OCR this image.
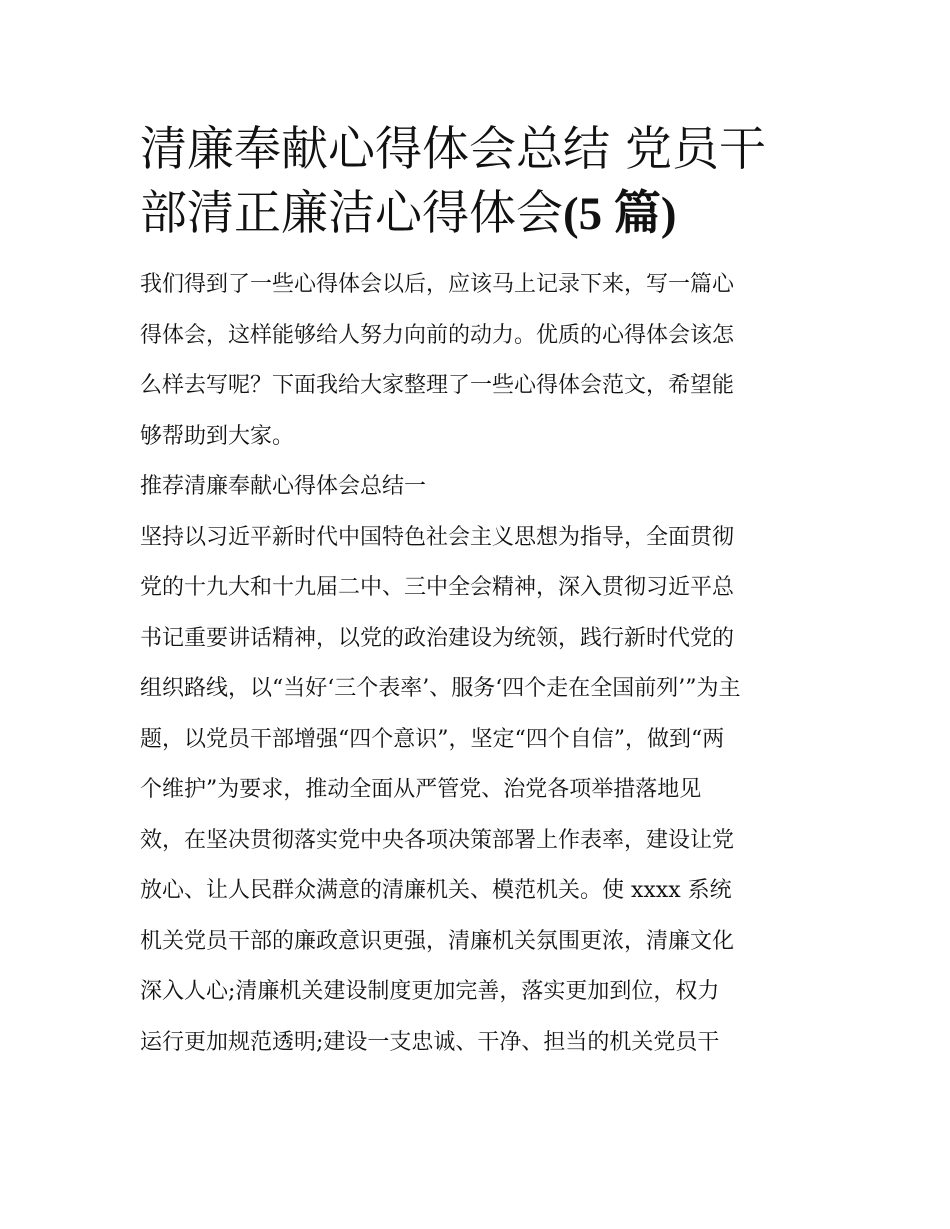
清廉奉献心得体会总结 党员干
部清正廉洁心得体会(5 篇)
我们得到了一些心得体会以后，应该马上记录下来，写一篇心
得体会，这样能够给人努力向前的动力。优质的心得体会该怎
么样去写呢？下面我给大家整理了一些心得体会范文，希望能
够帮助到大家。
推荐清廉奉献心得体会总结一
坚持以习近平新时代中国特色社会主义思想为指导，全面贯彻
党的十九大和十九届二中、三中全会精神，深入贯彻习近平总
书记重要讲话精神，以党的政治建设为统领，践行新时代党的
组织路线，以“当好‘三个表率’、服务‘四个走在全国前列’”为主
题，以党员干部增强“四个意识”，坚定“四个自信”，做到“两
个维护”为要求，推动全面从严管党、治党各项举措落地见
效，在坚决贯彻落实党中央各项决策部署上作表率，建设让党
放心、让人民群众满意的清廉机关、模范机关。使 xxxx 系统
机关党员干部的廉政意识更强，清廉机关氛围更浓，清廉文化
深入人心;清廉机关建设制度更加完善，落实更加到位，权力
运行更加规范透明;建设一支忠诚、干净、担当的机关党员干
